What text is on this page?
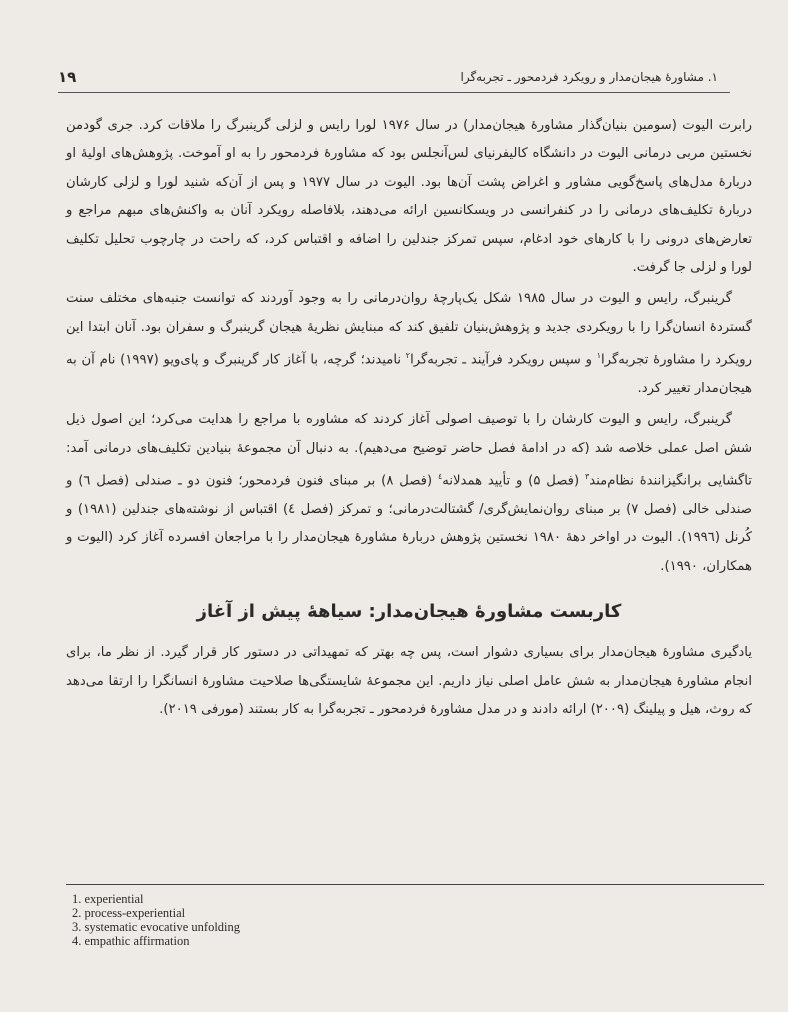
۱۹	۱. مشاورهٔ هیجان‌مدار و رویکرد فردمحور ـ تجربه‌گرا

رابرت الیوت (سومین بنیان‌گذار مشاورهٔ هیجان‌مدار) در سال ۱۹۷۶ لورا رایس و لزلی گرینبرگ را ملاقات کرد. جری گودمن نخستین مربی درمانی الیوت در دانشگاه کالیفرنیای لس‌آنجلس بود که مشاورهٔ فردمحور را به او آموخت. پژوهش‌های اولیهٔ او دربارهٔ مدل‌های پاسخ‌گویی مشاور و اغراض پشت آن‌ها بود. الیوت در سال ۱۹۷۷ و پس از آن‌که شنید لورا و لزلی کارشان دربارهٔ تکلیف‌های درمانی را در کنفرانسی در ویسکانسین ارائه می‌دهند، بلافاصله رویکرد آنان به واکنش‌های مبهم مراجع و تعارض‌های درونی را با کارهای خود ادغام، سپس تمرکز جندلین را اضافه و اقتباس کرد، که راحت در چارچوب تحلیل تکلیف لورا و لزلی جا گرفت.

گرینبرگ، رایس و الیوت در سال ۱۹۸۵ شکل یک‌پارچهٔ روان‌درمانی را به وجود آوردند که توانست جنبه‌های مختلف سنت گستردهٔ انسان‌گرا را با رویکردی جدید و پژوهش‌بنیان تلفیق کند که مبنایش نظریهٔ هیجان گرینبرگ و سفران بود. آنان ابتدا این رویکرد را مشاورهٔ تجربه‌گرا$^۱$ و سپس رویکرد فرآیند ـ تجربه‌گرا$^۲$ نامیدند؛ گرچه، با آغاز کار گرینبرگ و پای‌ویو (۱۹۹۷) نام آن به هیجان‌مدار تغییر کرد.

گرینبرگ، رایس و الیوت کارشان را با توصیف اصولی آغاز کردند که مشاوره با مراجع را هدایت می‌کرد؛ این اصول ذیل شش اصل عملی خلاصه شد (که در ادامهٔ فصل حاضر توضیح می‌دهیم). به دنبال آن مجموعهٔ بنیادین تکلیف‌های درمانی آمد: تاگشایی برانگیزانندهٔ نظام‌مند$^۳$ (فصل ۵) و تأیید همدلانه$^٤$ (فصل ۸) بر مبنای فنون فردمحور؛ فنون دو ـ صندلی (فصل ٦) و صندلی خالی (فصل ۷) بر مبنای روان‌نمایش‌گری/ گشتالت‌درمانی؛ و تمرکز (فصل ٤) اقتباس از نوشته‌های جندلین (۱۹۸۱) و کُرنل (۱۹۹٦). الیوت در اواخر دههٔ ۱۹۸۰ نخستین پژوهش دربارهٔ مشاورهٔ هیجان‌مدار را با مراجعان افسرده آغاز کرد (الیوت و همکاران، ۱۹۹۰).

کاربست مشاورهٔ هیجان‌مدار: سیاههٔ پیش از آغاز

یادگیری مشاورهٔ هیجان‌مدار برای بسیاری دشوار است، پس چه بهتر که تمهیداتی در دستور کار قرار گیرد. از نظر ما، برای انجام مشاورهٔ هیجان‌مدار به شش عامل اصلی نیاز داریم. این مجموعهٔ شایستگی‌ها صلاحیت مشاورهٔ انسانگرا را ارتقا می‌دهد که روث، هیل و پیلینگ (۲۰۰۹) ارائه دادند و در مدل مشاورهٔ فردمحور ـ تجربه‌گرا به کار بستند (مورفی ۲۰۱۹).

1. experiential
2. process-experiential
3. systematic evocative unfolding
4. empathic affirmation
